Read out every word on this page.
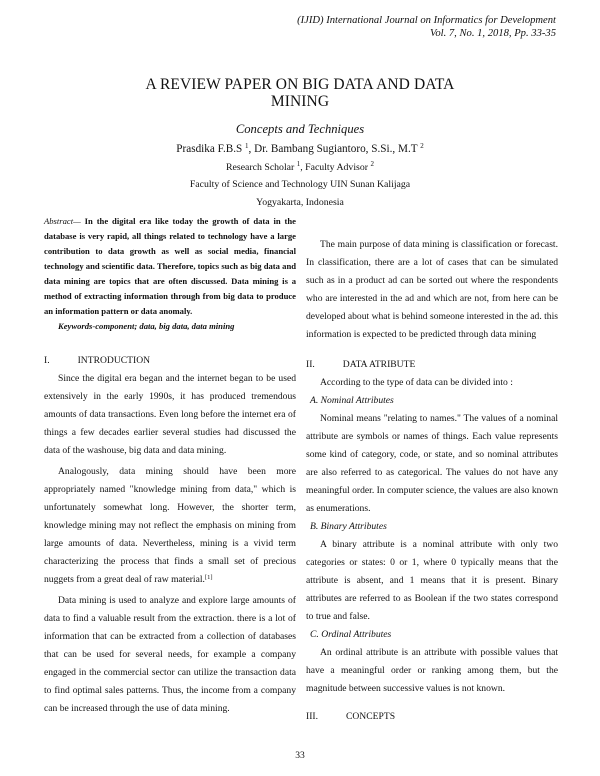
(IJID) International Journal on Informatics for Development
Vol. 7, No. 1, 2018, Pp. 33-35
A REVIEW PAPER ON BIG DATA AND DATA
MINING
Concepts and Techniques
Prasdika F.B.S $^1$, Dr. Bambang Sugiantoro, S.Si., M.T $^2$
Research Scholar $^1$, Faculty Advisor $^2$
Faculty of Science and Technology UIN Sunan Kalijaga
Yogyakarta, Indonesia

Abstract— In the digital era like today the growth of data in the database is very rapid, all things related to technology have a large contribution to data growth as well as social media, financial technology and scientific data. Therefore, topics such as big data and data mining are topics that are often discussed. Data mining is a method of extracting information through from big data to produce an information pattern or data anomaly.

Keywords-component; data, big data, data mining

I.	INTRODUCTION

Since the digital era began and the internet began to be used extensively in the early 1990s, it has produced tremendous amounts of data transactions. Even long before the internet era of things a few decades earlier several studies had discussed the data of the washouse, big data and data mining.

Analogously, data mining should have been more appropriately named "knowledge mining from data," which is unfortunately somewhat long. However, the shorter term, knowledge mining may not reflect the emphasis on mining from large amounts of data. Nevertheless, mining is a vivid term characterizing the process that finds a small set of precious nuggets from a great deal of raw material.[1]

Data mining is used to analyze and explore large amounts of data to find a valuable result from the extraction. there is a lot of information that can be extracted from a collection of databases that can be used for several needs, for example a company engaged in the commercial sector can utilize the transaction data to find optimal sales patterns. Thus, the income from a company can be increased through the use of data mining.

The main purpose of data mining is classification or forecast. In classification, there are a lot of cases that can be simulated such as in a product ad can be sorted out where the respondents who are interested in the ad and which are not, from here can be developed about what is behind someone interested in the ad. this information is expected to be predicted through data mining

II.	DATA ATRIBUTE

According to the type of data can be divided into :

A. Nominal Attributes

Nominal means "relating to names." The values of a nominal attribute are symbols or names of things. Each value represents some kind of category, code, or state, and so nominal attributes are also referred to as categorical. The values do not have any meaningful order. In computer science, the values are also known as enumerations.

B. Binary Attributes

A binary attribute is a nominal attribute with only two categories or states: 0 or 1, where 0 typically means that the attribute is absent, and 1 means that it is present. Binary attributes are referred to as Boolean if the two states correspond to true and false.

C. Ordinal Attributes

An ordinal attribute is an attribute with possible values that have a meaningful order or ranking among them, but the magnitude between successive values is not known.

III.	CONCEPTS

33
